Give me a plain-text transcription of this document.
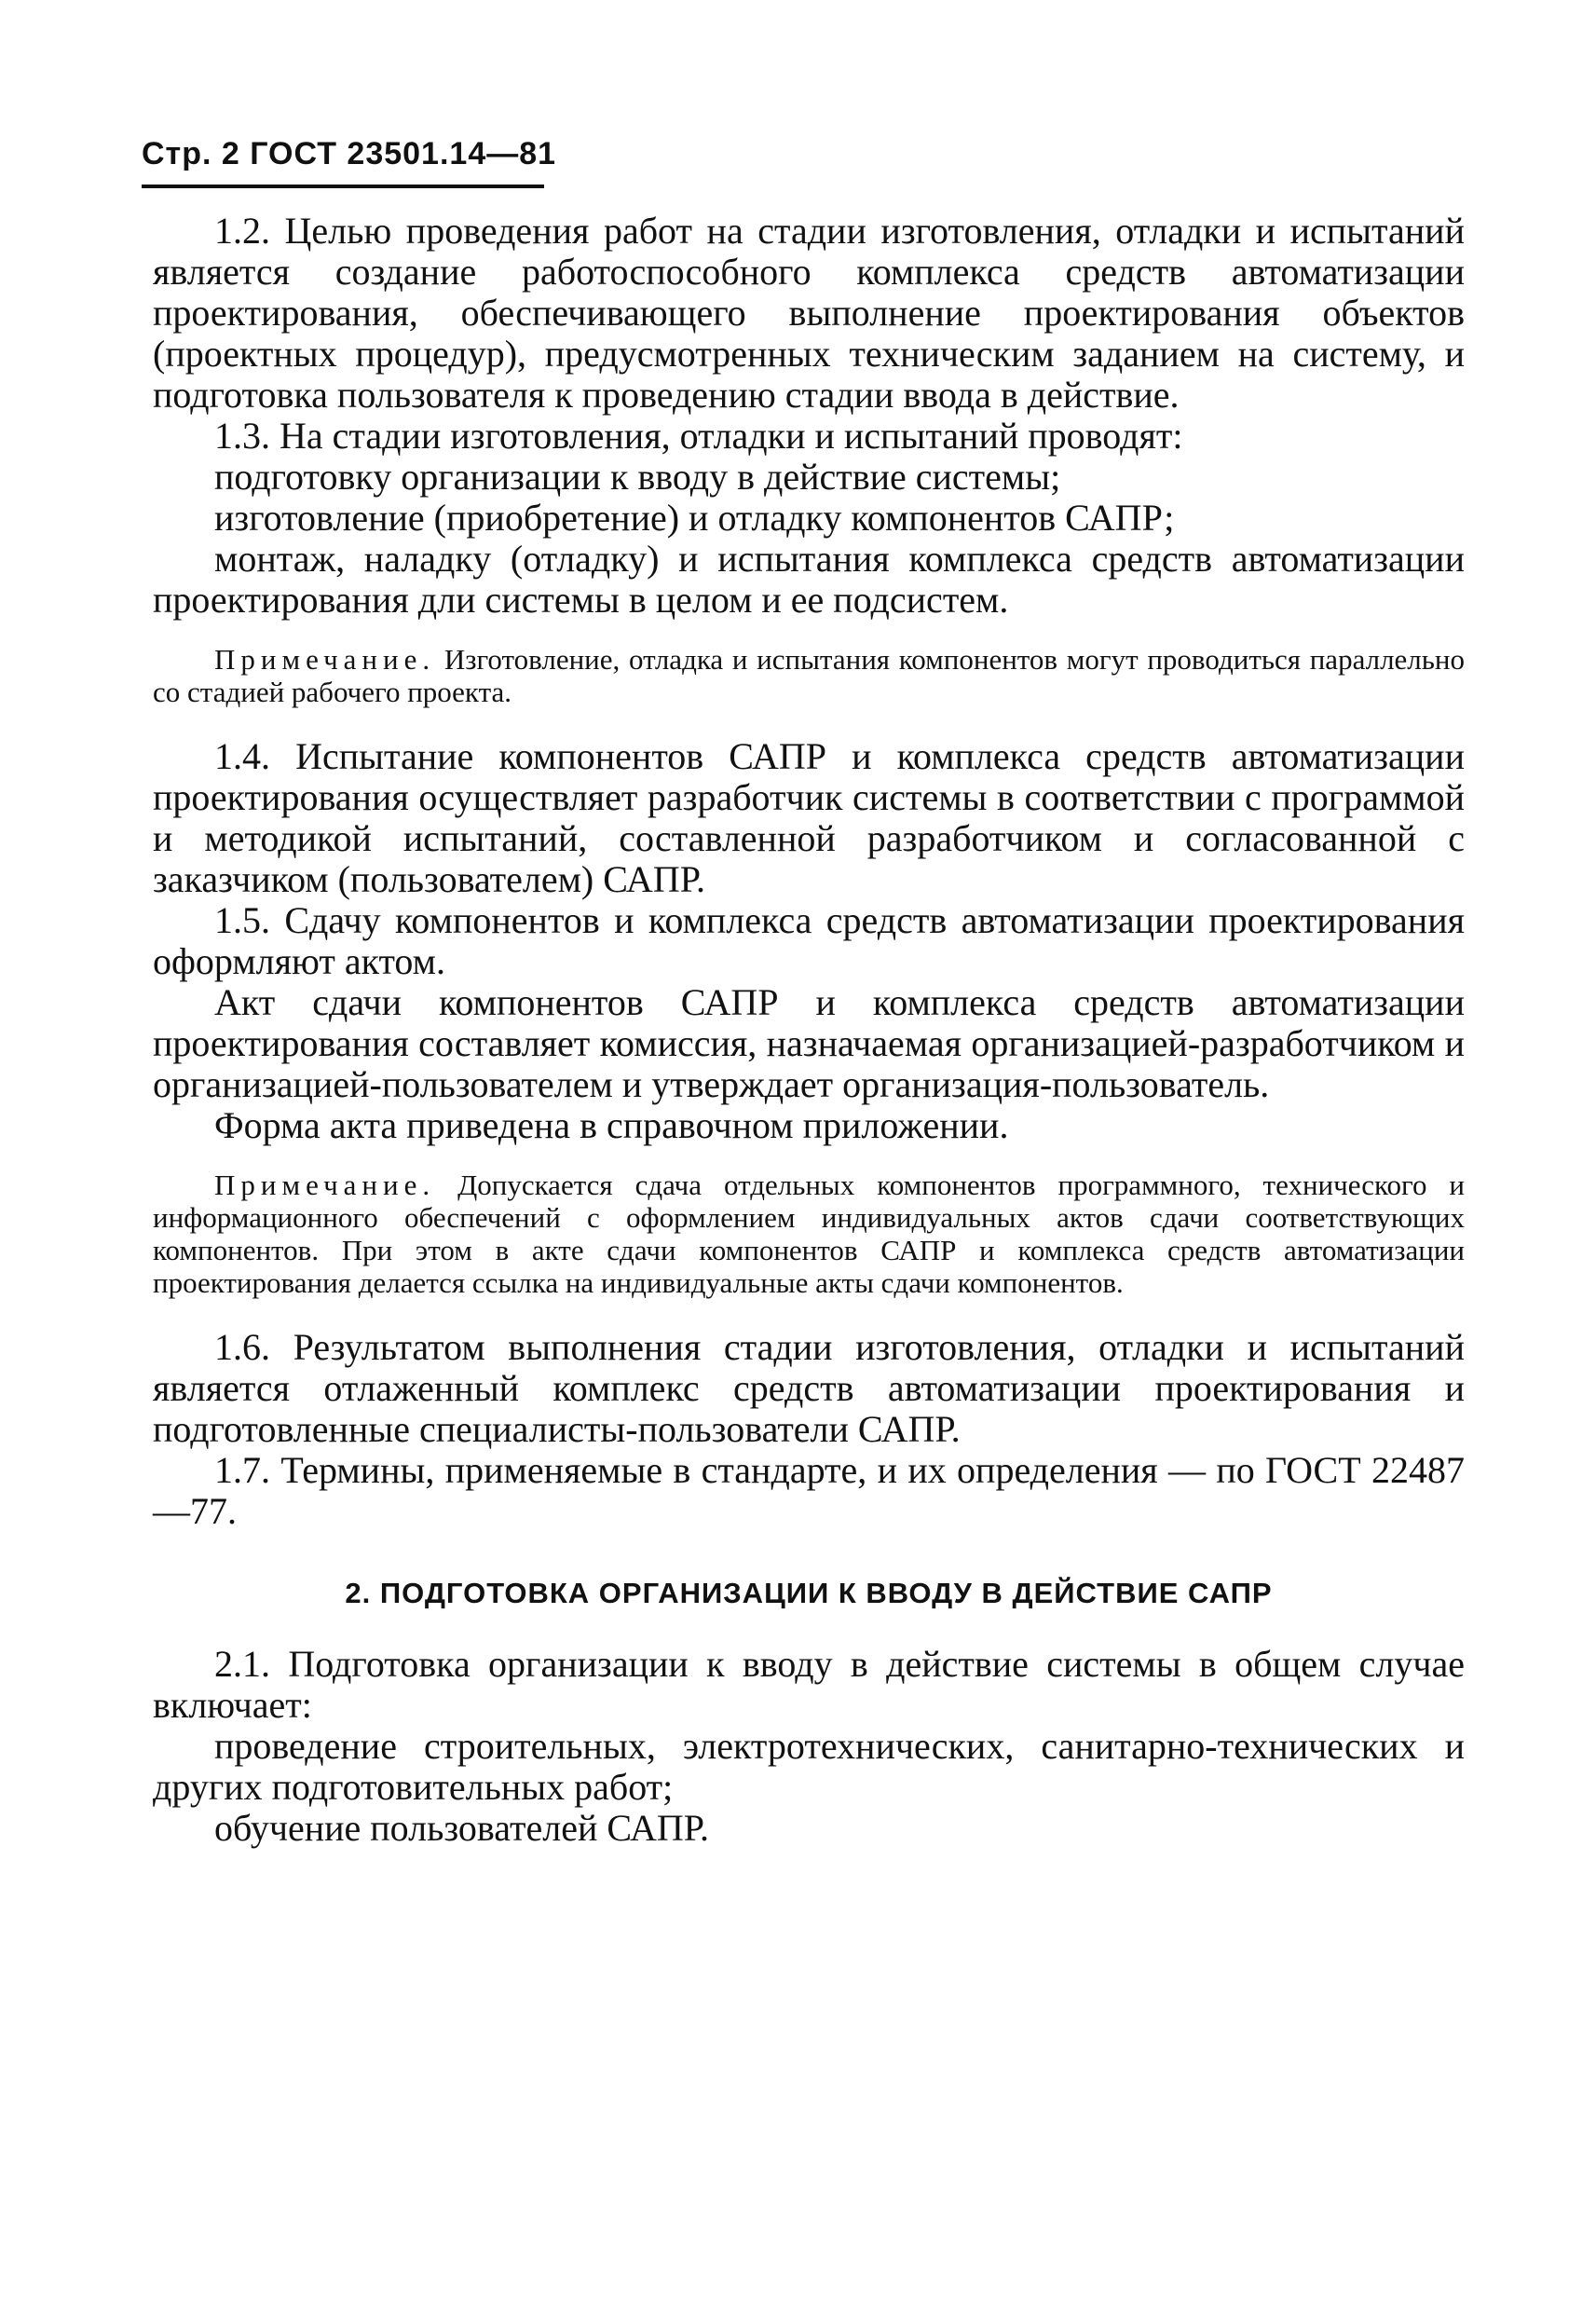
Стр. 2 ГОСТ 23501.14—81

1.2. Целью проведения работ на стадии изготовления, отладки и испытаний является создание работоспособного комплекса средств автоматизации проектирования, обеспечивающего выполнение проектирования объектов (проектных процедур), предусмотренных техническим заданием на систему, и подготовка пользователя к проведению стадии ввода в действие.

1.3. На стадии изготовления, отладки и испытаний проводят:

подготовку организации к вводу в действие системы;

изготовление (приобретение) и отладку компонентов САПР;

монтаж, наладку (отладку) и испытания комплекса средств автоматизации проектирования дли системы в целом и ее подсистем.

Примечание. Изготовление, отладка и испытания компонентов могут проводиться параллельно со стадией рабочего проекта.

1.4. Испытание компонентов САПР и комплекса средств автоматизации проектирования осуществляет разработчик системы в соответствии с программой и методикой испытаний, составленной разработчиком и согласованной с заказчиком (пользователем) САПР.

1.5. Сдачу компонентов и комплекса средств автоматизации проектирования оформляют актом.

Акт сдачи компонентов САПР и комплекса средств автоматизации проектирования составляет комиссия, назначаемая организацией-разработчиком и организацией-пользователем и утверждает организация-пользователь.

Форма акта приведена в справочном приложении.

Примечание. Допускается сдача отдельных компонентов программного, технического и информационного обеспечений с оформлением индивидуальных актов сдачи соответствующих компонентов. При этом в акте сдачи компонентов САПР и комплекса средств автоматизации проектирования делается ссылка на индивидуальные акты сдачи компонентов.

1.6. Результатом выполнения стадии изготовления, отладки и испытаний является отлаженный комплекс средств автоматизации проектирования и подготовленные специалисты-пользователи САПР.

1.7. Термины, применяемые в стандарте, и их определения — по ГОСТ 22487—77.

2. ПОДГОТОВКА ОРГАНИЗАЦИИ К ВВОДУ В ДЕЙСТВИЕ САПР

2.1. Подготовка организации к вводу в действие системы в общем случае включает:

проведение строительных, электротехнических, санитарно-технических и других подготовительных работ;

обучение пользователей САПР.
